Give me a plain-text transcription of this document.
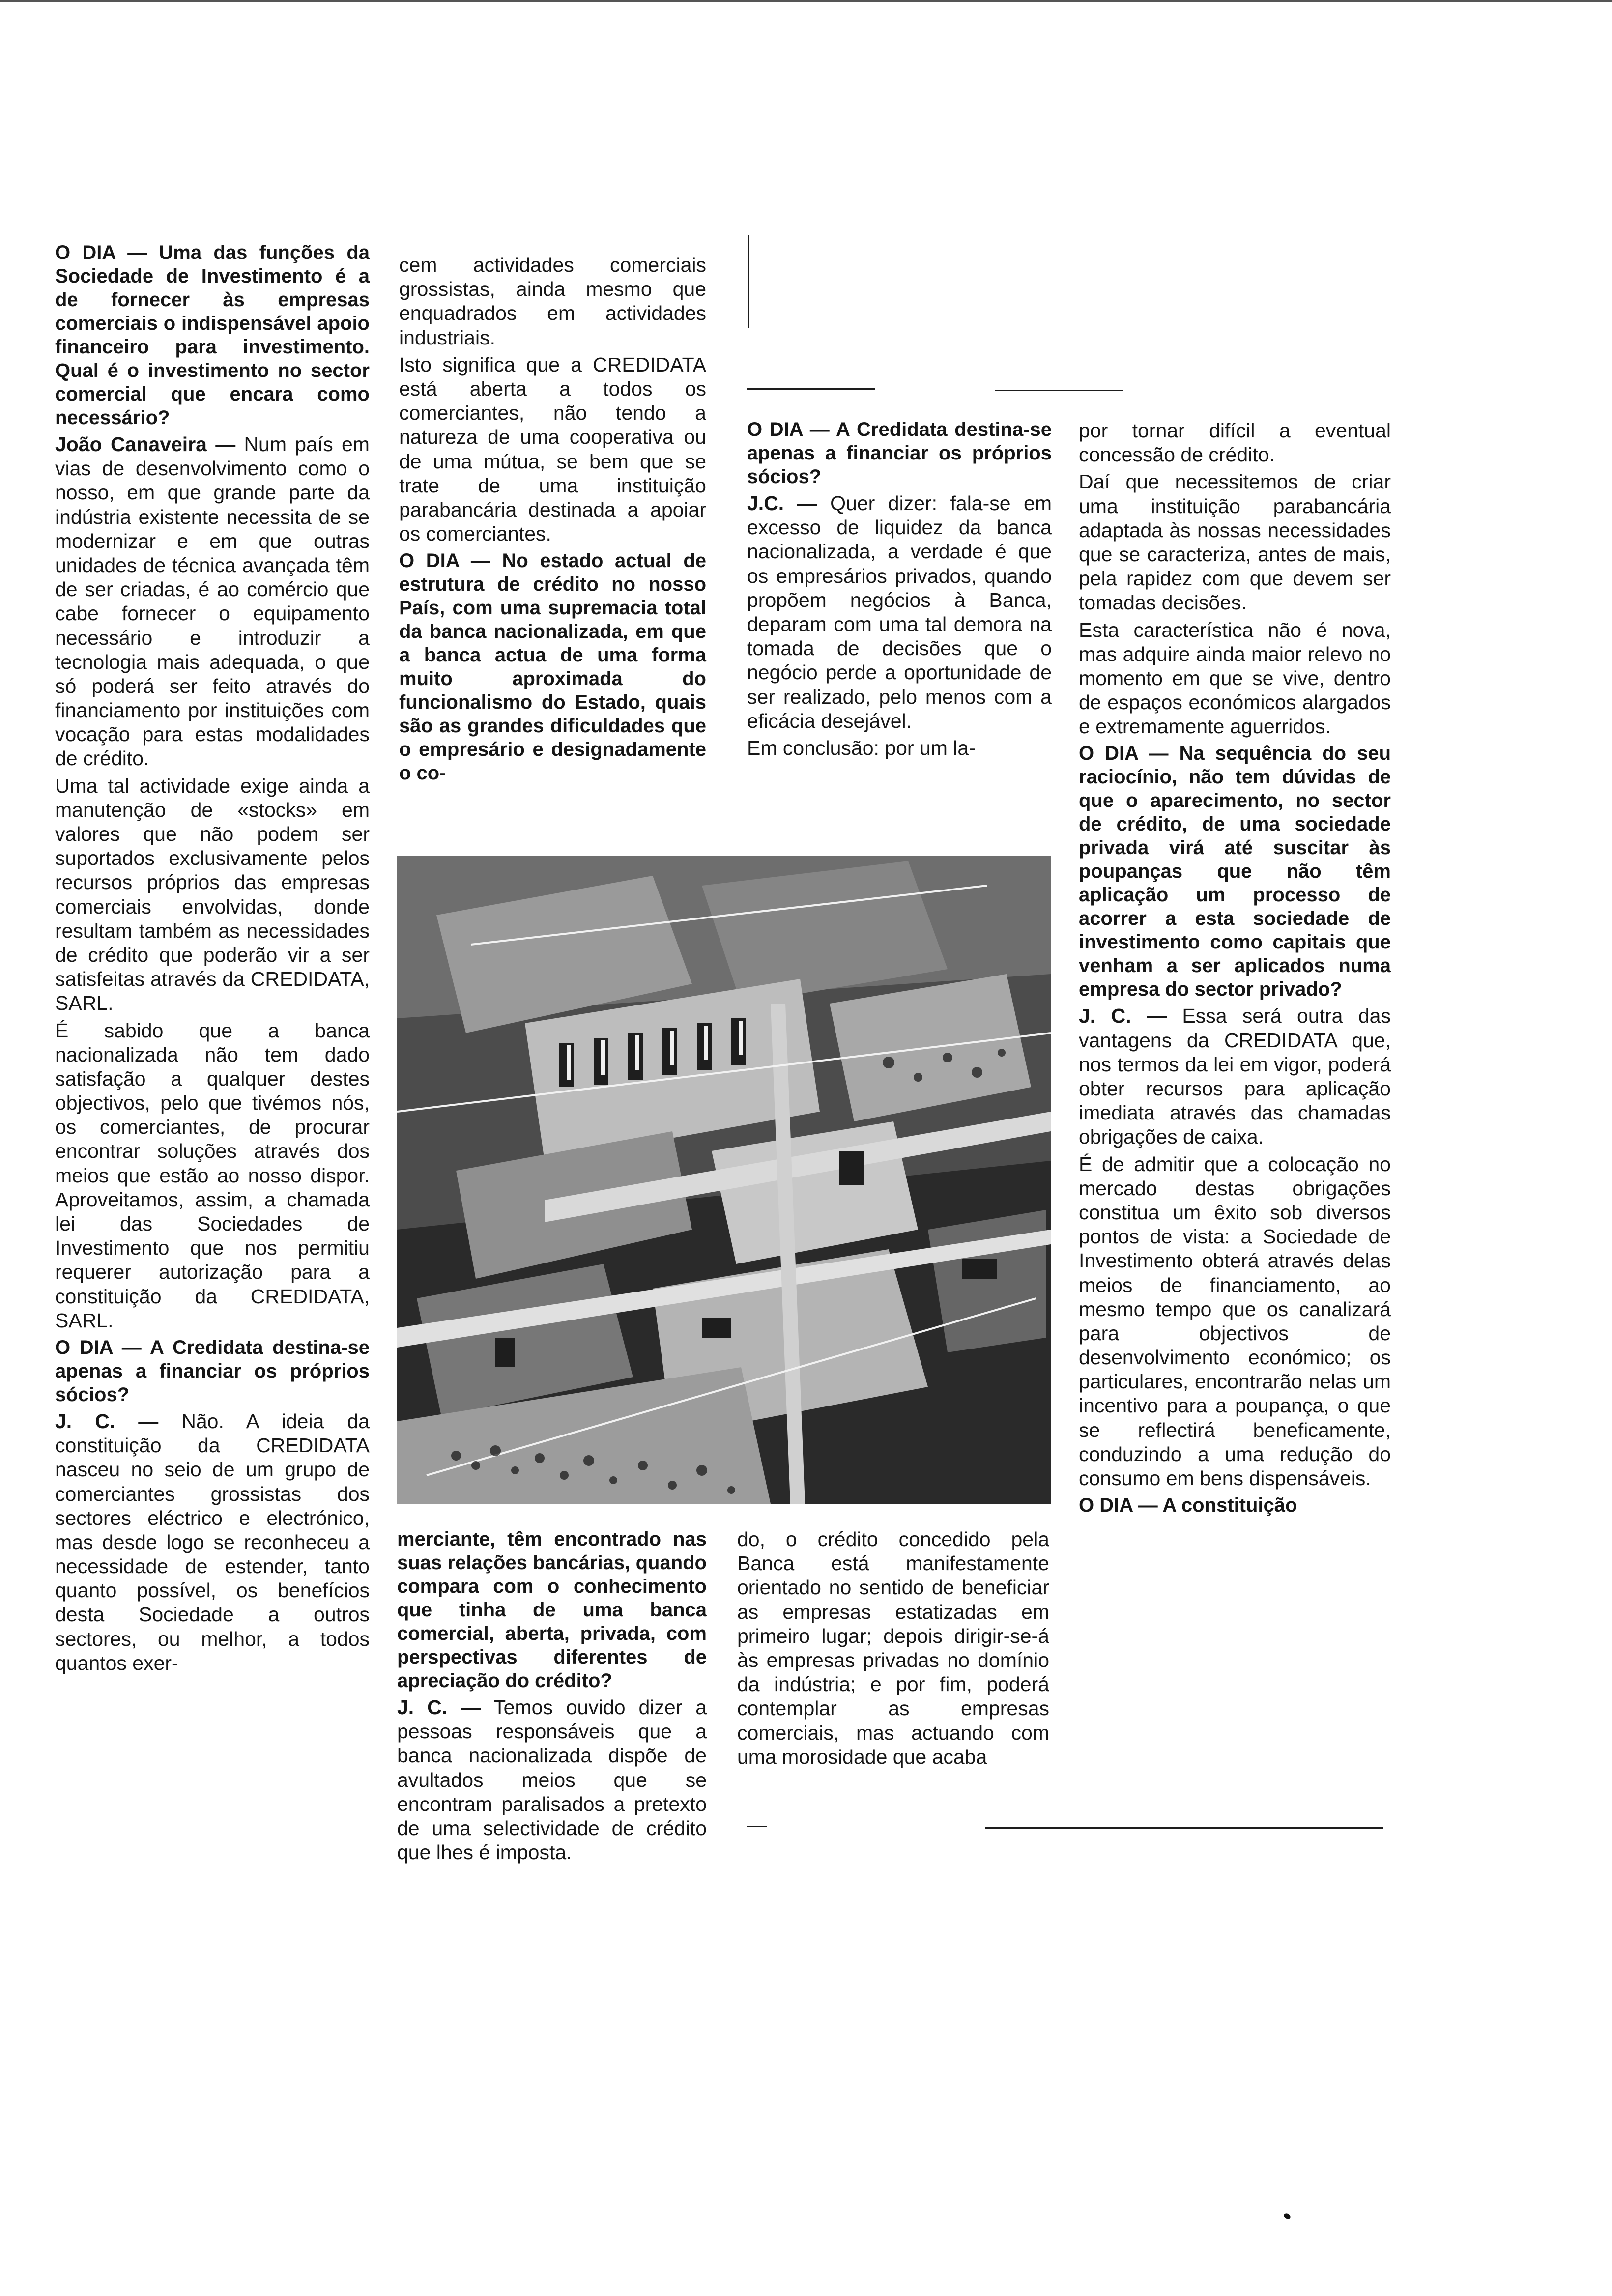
O DIA — Uma das funções da Sociedade de Investimento é a de fornecer às empresas comerciais o indispensável apoio financeiro para investimento. Qual é o investimento no sector comercial que encara como necessário?

João Canaveira — Num país em vias de desenvolvimento como o nosso, em que grande parte da indústria existente necessita de se modernizar e em que outras unidades de técnica avançada têm de ser criadas, é ao comércio que cabe fornecer o equipamento necessário e introduzir a tecnologia mais adequada, o que só poderá ser feito através do financiamento por instituições com vocação para estas modalidades de crédito.

Uma tal actividade exige ainda a manutenção de «stocks» em valores que não podem ser suportados exclusivamente pelos recursos próprios das empresas comerciais envolvidas, donde resultam também as necessidades de crédito que poderão vir a ser satisfeitas através da CREDIDATA, SARL.

É sabido que a banca nacionalizada não tem dado satisfação a qualquer destes objectivos, pelo que tivémos nós, os comerciantes, de procurar encontrar soluções através dos meios que estão ao nosso dispor. Aproveitamos, assim, a chamada lei das Sociedades de Investimento que nos permitiu requerer autorização para a constituição da CREDIDATA, SARL.

O DIA — A Credidata destina-se apenas a financiar os próprios sócios?

J. C. — Não. A ideia da constituição da CREDIDATA nasceu no seio de um grupo de comerciantes grossistas dos sectores eléctrico e electrónico, mas desde logo se reconheceu a necessidade de estender, tanto quanto possível, os benefícios desta Sociedade a outros sectores, ou melhor, a todos quantos exer-

cem actividades comerciais grossistas, ainda mesmo que enquadrados em actividades industriais.

Isto significa que a CREDIDATA está aberta a todos os comerciantes, não tendo a natureza de uma cooperativa ou de uma mútua, se bem que se trate de uma instituição parabancária destinada a apoiar os comerciantes.

O DIA — No estado actual de estrutura de crédito no nosso País, com uma supremacia total da banca nacionalizada, em que a banca actua de uma forma muito aproximada do funcionalismo do Estado, quais são as grandes dificuldades que o empresário e designadamente o co-

O DIA — A Credidata destina-se apenas a financiar os próprios sócios?

J.C. — Quer dizer: fala-se em excesso de liquidez da banca nacionalizada, a verdade é que os empresários privados, quando propõem negócios à Banca, deparam com uma tal demora na tomada de decisões que o negócio perde a oportunidade de ser realizado, pelo menos com a eficácia desejável.

Em conclusão: por um la-

por tornar difícil a eventual concessão de crédito.

Daí que necessitemos de criar uma instituição parabancária adaptada às nossas necessidades que se caracteriza, antes de mais, pela rapidez com que devem ser tomadas decisões.

Esta característica não é nova, mas adquire ainda maior relevo no momento em que se vive, dentro de espaços económicos alargados e extremamente aguerridos.

O DIA — Na sequência do seu raciocínio, não tem dúvidas de que o aparecimento, no sector de crédito, de uma sociedade privada virá até suscitar às poupanças que não têm aplicação um processo de acorrer a esta sociedade de investimento como capitais que venham a ser aplicados numa empresa do sector privado?

J. C. — Essa será outra das vantagens da CREDIDATA que, nos termos da lei em vigor, poderá obter recursos para aplicação imediata através das chamadas obrigações de caixa.

É de admitir que a colocação no mercado destas obrigações constitua um êxito sob diversos pontos de vista: a Sociedade de Investimento obterá através delas meios de financiamento, ao mesmo tempo que os canalizará para objectivos de desenvolvimento económico; os particulares, encontrarão nelas um incentivo para a poupança, o que se reflectirá beneficamente, conduzindo a uma redução do consumo em bens dispensáveis.

O DIA — A constituição

merciante, têm encontrado nas suas relações bancárias, quando compara com o conhecimento que tinha de uma banca comercial, aberta, privada, com perspectivas diferentes de apreciação do crédito?

J. C. — Temos ouvido dizer a pessoas responsáveis que a banca nacionalizada dispõe de avultados meios que se encontram paralisados a pretexto de uma selectividade de crédito que lhes é imposta.

do, o crédito concedido pela Banca está manifestamente orientado no sentido de beneficiar as empresas estatizadas em primeiro lugar; depois dirigir-se-á às empresas privadas no domínio da indústria; e por fim, poderá contemplar as empresas comerciais, mas actuando com uma morosidade que acaba
